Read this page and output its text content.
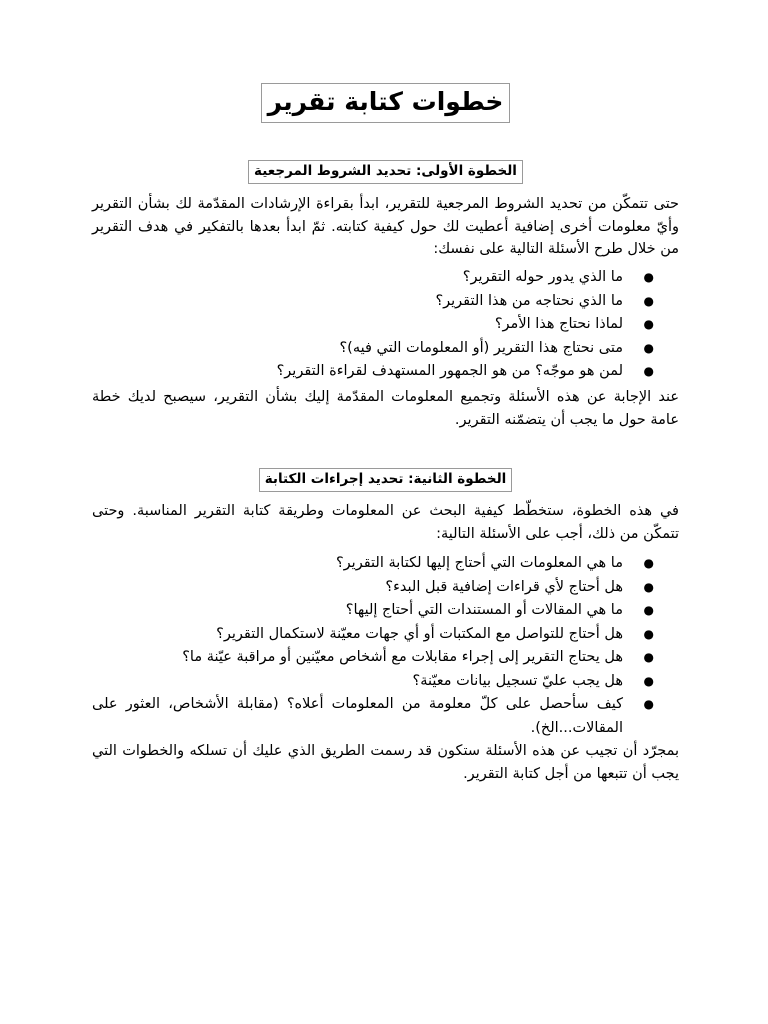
خطوات كتابة تقرير
الخطوة الأولى: تحديد الشروط المرجعية

حتى تتمكّن من تحديد الشروط المرجعية للتقرير، ابدأ بقراءة الإرشادات المقدّمة لك بشأن التقرير وأيّ معلومات أخرى إضافية أعطيت لك حول كيفية كتابته. ثمّ ابدأ بعدها بالتفكير في هدف التقرير من خلال طرح الأسئلة التالية على نفسك:

●
ما الذي يدور حوله التقرير؟
●
ما الذي نحتاجه من هذا التقرير؟
●
لماذا نحتاج هذا الأمر؟
●
متى نحتاج هذا التقرير (أو المعلومات التي فيه)؟
●
لمن هو موجّه؟ من هو الجمهور المستهدف لقراءة التقرير؟

عند الإجابة عن هذه الأسئلة وتجميع المعلومات المقدّمة إليك بشأن التقرير، سيصبح لديك خطة عامة حول ما يجب أن يتضمّنه التقرير.

الخطوة الثانية: تحديد إجراءات الكتابة

في هذه الخطوة، ستخطّط كيفية البحث عن المعلومات وطريقة كتابة التقرير المناسبة. وحتى تتمكّن من ذلك، أجب على الأسئلة التالية:

●
ما هي المعلومات التي أحتاج إليها لكتابة التقرير؟
●
هل أحتاج لأي قراءات إضافية قبل البدء؟
●
ما هي المقالات أو المستندات التي أحتاج إليها؟
●
هل أحتاج للتواصل مع المكتبات أو أي جهات معيّنة لاستكمال التقرير؟
●
هل يحتاج التقرير إلى إجراء مقابلات مع أشخاص معيّنين أو مراقبة عيّنة ما؟
●
هل يجب عليّ تسجيل بيانات معيّنة؟
●
كيف سأحصل على كلّ معلومة من المعلومات أعلاه؟ (مقابلة الأشخاص، العثور على المقالات...الخ).

بمجرّد أن تجيب عن هذه الأسئلة ستكون قد رسمت الطريق الذي عليك أن تسلكه والخطوات التي يجب أن تتبعها من أجل كتابة التقرير.
